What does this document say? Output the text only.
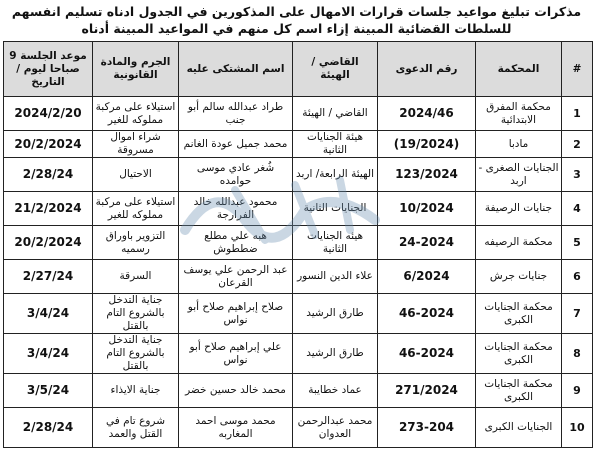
مذكرات تبليغ مواعيد جلسات قرارات الامهال على المذكورين في الجدول ادناه تسليم انفسهم للسلطات القضائية المبينة إزاء اسم كل منهم في المواعيد المبينة أدناه
#	المحكمة	رقم الدعوى	القاضي / الهيئة	اسم المشتكى عليه	الجرم والمادة القانونية	موعد الجلسة 9 صباحا ليوم / التاريخ
1	محكمة المفرق الابتدائية	2024/46	القاضي / الهيئة	طراد عبدالله سالم أبو جنب	استيلاء على مركبة مملوكه للغير	2024/2/20
2	مادبا	(19/2024)	هيئة الجنايات الثانية	محمد جميل عودة الغانم	شراء اموال مسروقة	20/2/2024
3	الجنايات الصغرى - اربد	123/2024	الهيئة الرابعة/ اربد	شُغر عادي موسى حوامده	الاحتيال	2/28/24
4	جنايات الرصيفة	10/2024	الجنايات الثانية	محمود عبدالله خالد الفرارجة	استيلاء على مركبة مملوكه للغير	21/2/2024
5	محكمة الرصيفه	24-2024	هيئه الجنايات الثانية	هبه علي مطلع ضططوش	التزوير باوراق رسميه	20/2/2024
6	جنايات جرش	6/2024	علاء الدين النسور	عبد الرحمن علي يوسف القرعان	السرقة	2/27/24
7	محكمة الجنايات الكبرى	46-2024	طارق الرشيد	صلاح إبراهيم صلاح أبو نواس	جناية التدخل بالشروع التام بالقتل	3/4/24
8	محكمة الجنايات الكبرى	46-2024	طارق الرشيد	علي إبراهيم صلاح أبو نواس	جناية التدخل بالشروع التام بالقتل	3/4/24
9	محكمة الجنايات الكبرى	271/2024	عماد خطايبة	محمد خالد حسين خضر	جناية الايذاء	3/5/24
10	الجنايات الكبرى	273-204	محمد عبدالرحمن العدوان	محمد موسى احمد المغاربه	شروع تام في القتل والعمد	2/28/24
